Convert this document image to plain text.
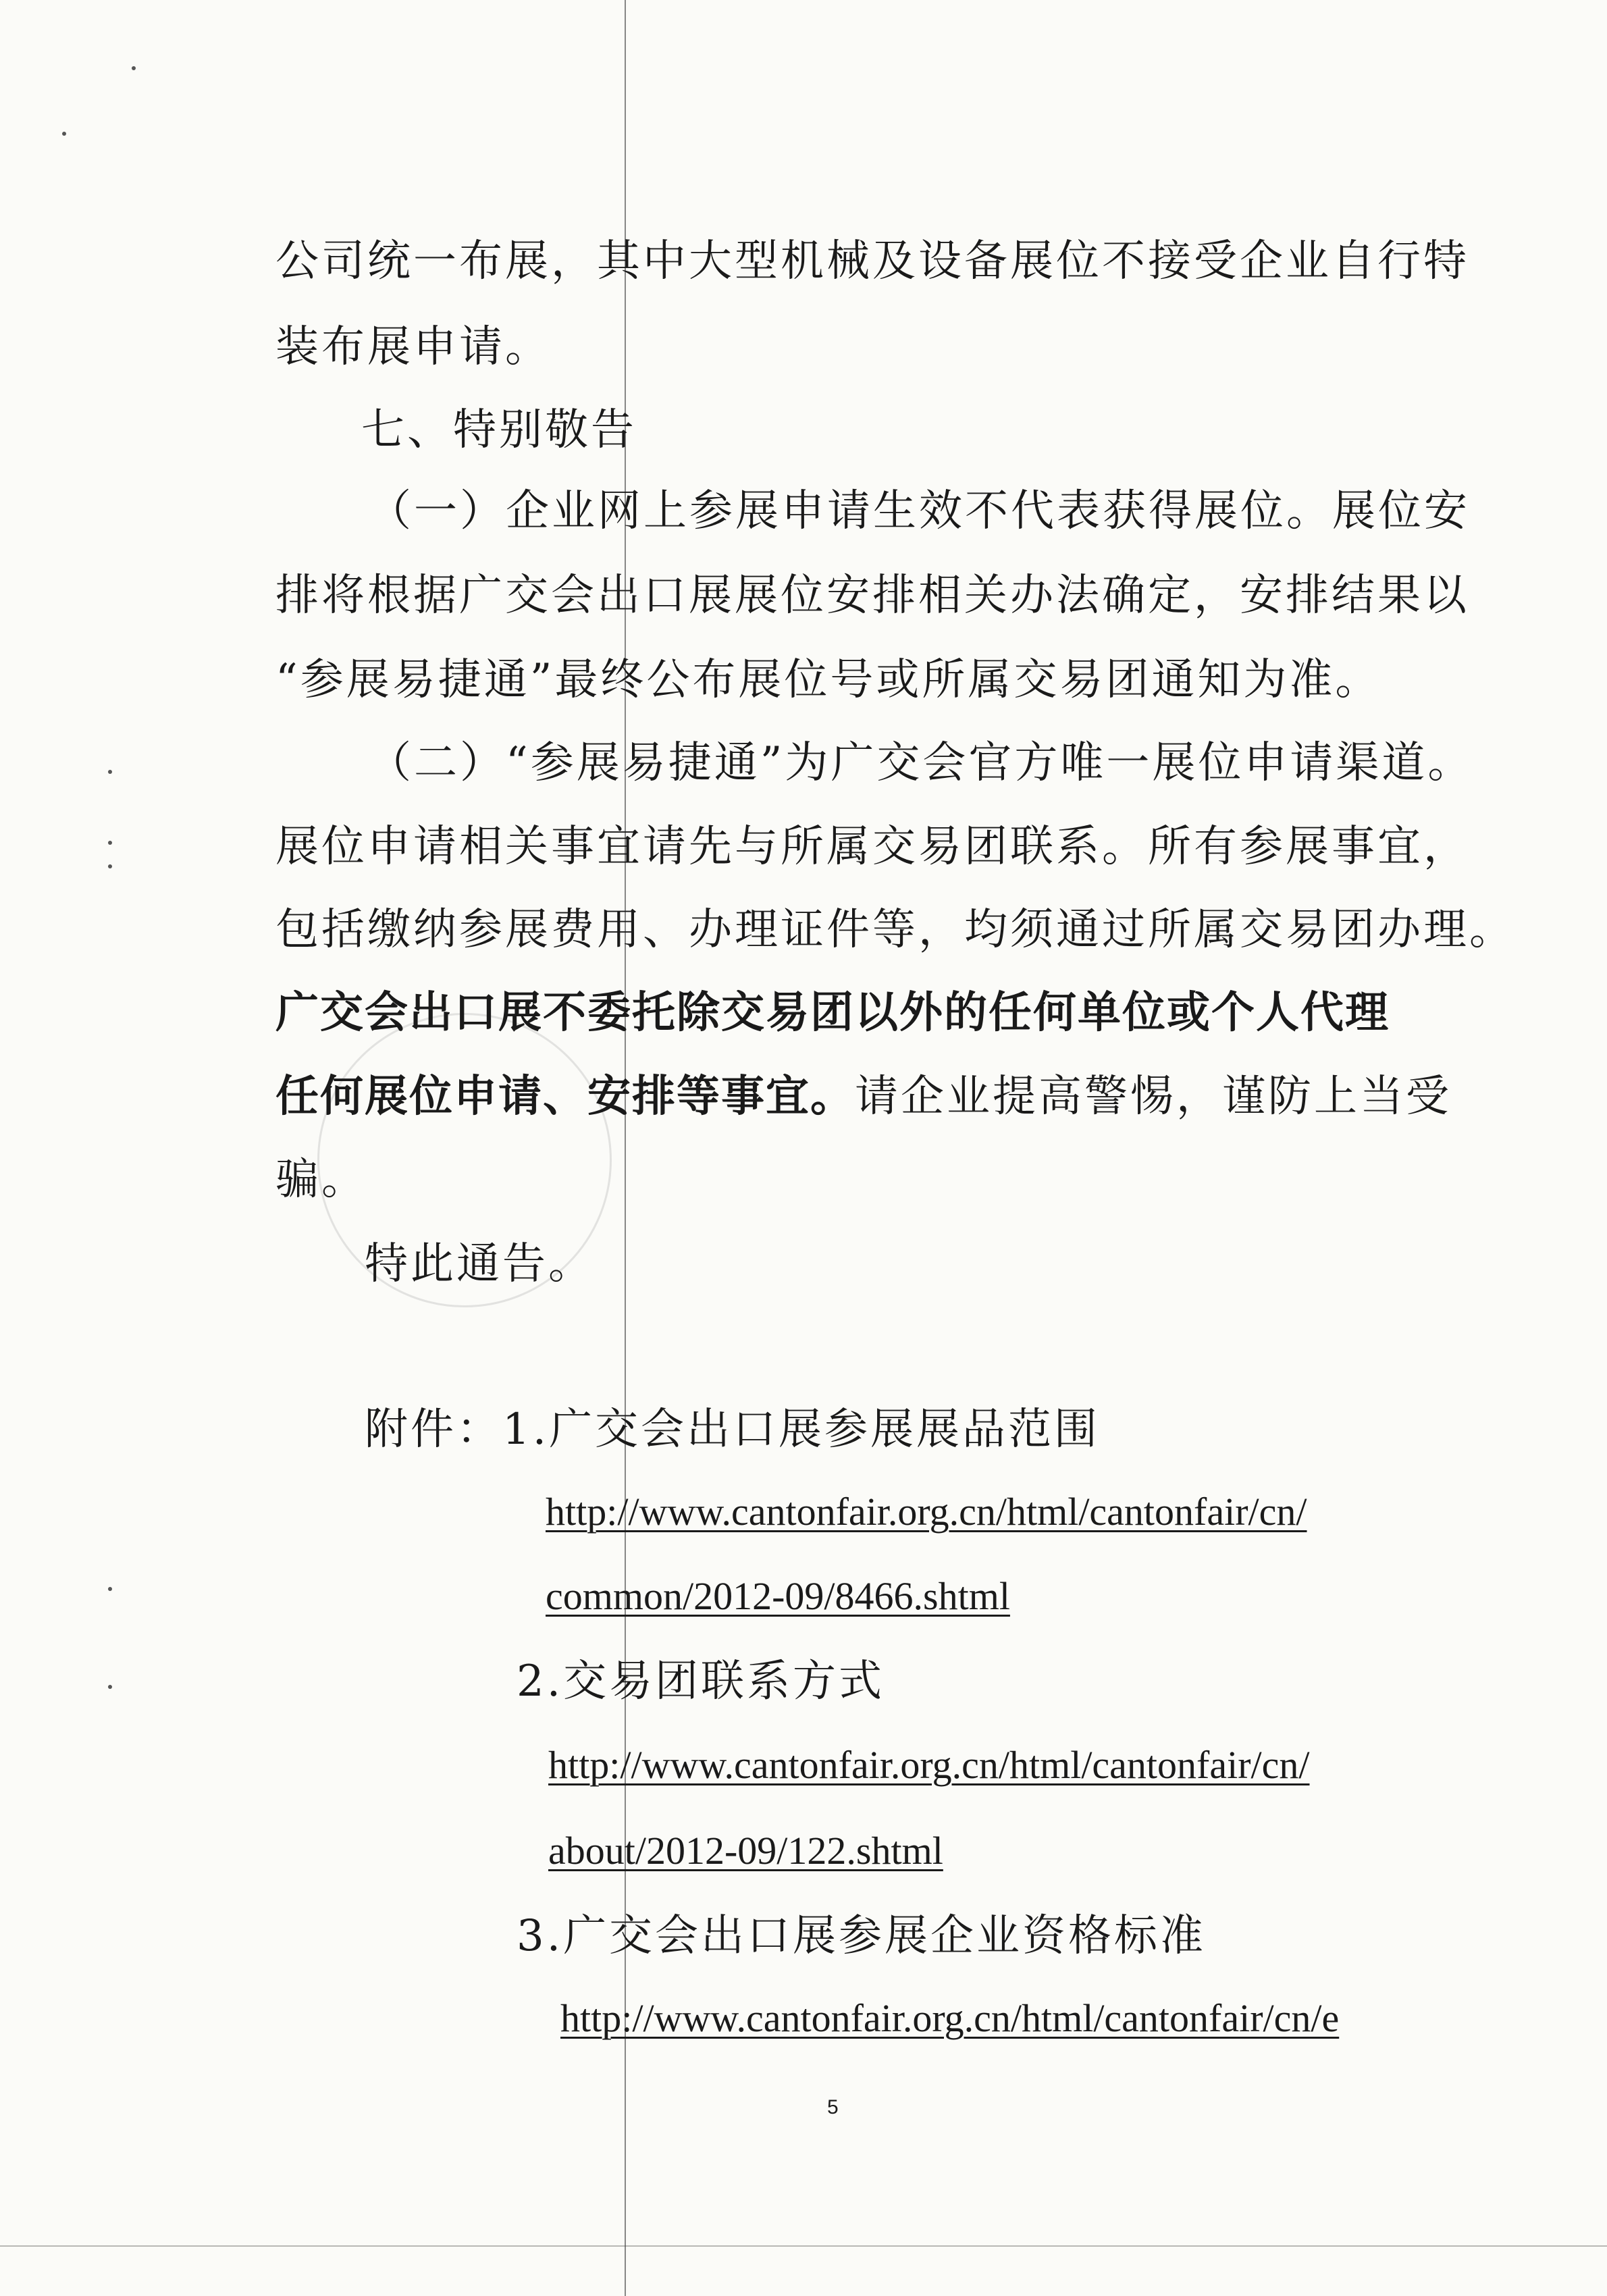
公司统一布展，其中大型机械及设备展位不接受企业自行特
装布展申请。
七、特别敬告
（一）企业网上参展申请生效不代表获得展位。展位安
排将根据广交会出口展展位安排相关办法确定，安排结果以
“参展易捷通”最终公布展位号或所属交易团通知为准。
（二）“参展易捷通”为广交会官方唯一展位申请渠道。
展位申请相关事宜请先与所属交易团联系。所有参展事宜，
包括缴纳参展费用、办理证件等，均须通过所属交易团办理。
广交会出口展不委托除交易团以外的任何单位或个人代理
任何展位申请、安排等事宜。请企业提高警惕，谨防上当受
骗。
特此通告。
附件：1.广交会出口展参展展品范围
http://www.cantonfair.org.cn/html/cantonfair/cn/
common/2012-09/8466.shtml
2.交易团联系方式
http://www.cantonfair.org.cn/html/cantonfair/cn/
about/2012-09/122.shtml
3.广交会出口展参展企业资格标准
http://www.cantonfair.org.cn/html/cantonfair/cn/e
5
